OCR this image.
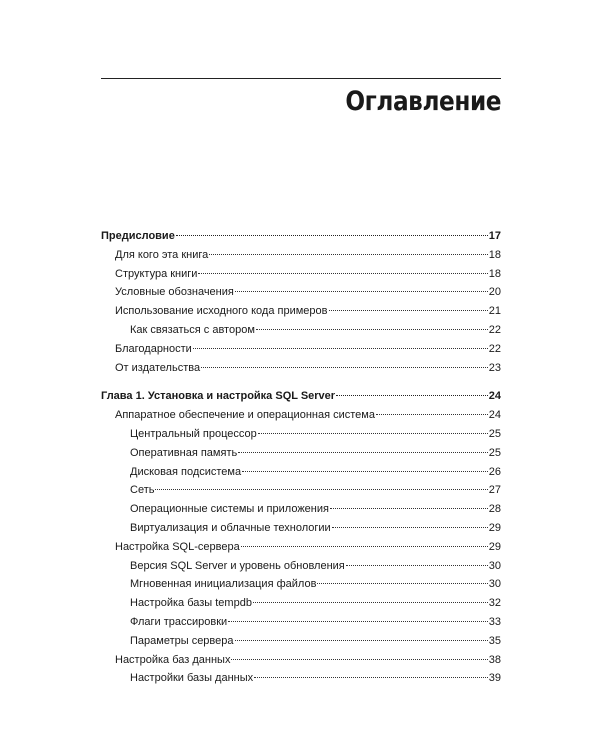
Оглавление
Предисловие	17
Для кого эта книга	18
Структура книги	18
Условные обозначения	20
Использование исходного кода примеров	21
Как связаться с автором	22
Благодарности	22
От издательства	23
Глава 1. Установка и настройка SQL Server	24
Аппаратное обеспечение и операционная система	24
Центральный процессор	25
Оперативная память	25
Дисковая подсистема	26
Сеть	27
Операционные системы и приложения	28
Виртуализация и облачные технологии	29
Настройка SQL-сервера	29
Версия SQL Server и уровень обновления	30
Мгновенная инициализация файлов	30
Настройка базы tempdb	32
Флаги трассировки	33
Параметры сервера	35
Настройка баз данных	38
Настройки базы данных	39
